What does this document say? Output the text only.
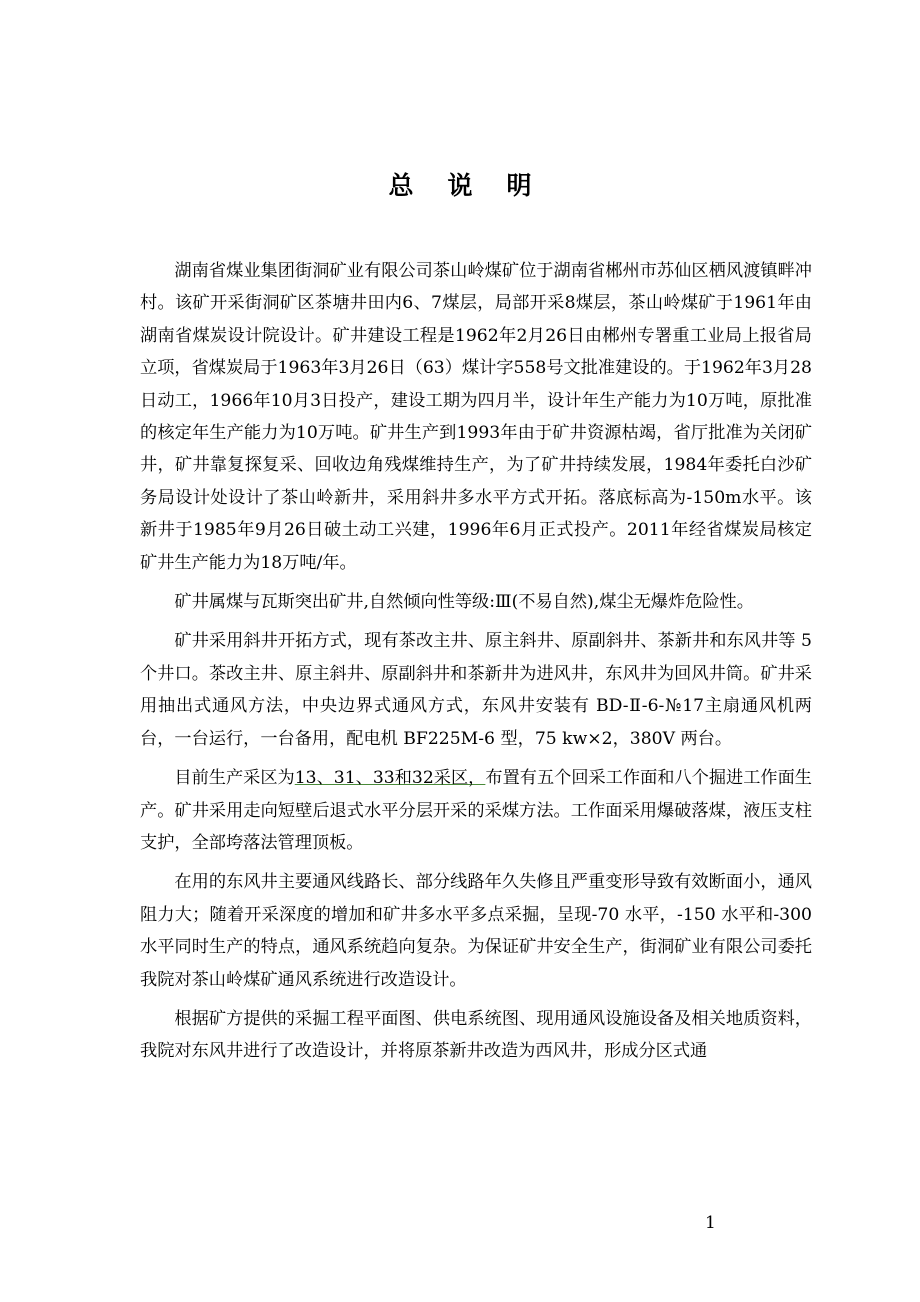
总 说 明

湖南省煤业集团街洞矿业有限公司茶山岭煤矿位于湖南省郴州市苏仙区栖风渡镇畔冲村。该矿开采街洞矿区茶塘井田内6、7煤层，局部开采8煤层，茶山岭煤矿于1961年由湖南省煤炭设计院设计。矿井建设工程是1962年2月26日由郴州专署重工业局上报省局立项，省煤炭局于1963年3月26日（63）煤计字558号文批准建设的。于1962年3月28日动工，1966年10月3日投产，建设工期为四月半，设计年生产能力为10万吨，原批准的核定年生产能力为10万吨。矿井生产到1993年由于矿井资源枯竭，省厅批准为关闭矿井，矿井靠复探复采、回收边角残煤维持生产，为了矿井持续发展，1984年委托白沙矿务局设计处设计了茶山岭新井，采用斜井多水平方式开拓。落底标高为-150m水平。该新井于1985年9月26日破土动工兴建，1996年6月正式投产。2011年经省煤炭局核定矿井生产能力为18万吨/年。

矿井属煤与瓦斯突出矿井,自然倾向性等级:Ⅲ(不易自然),煤尘无爆炸危险性。

矿井采用斜井开拓方式，现有茶改主井、原主斜井、原副斜井、茶新井和东风井等 5 个井口。茶改主井、原主斜井、原副斜井和茶新井为进风井，东风井为回风井筒。矿井采用抽出式通风方法，中央边界式通风方式，东风井安装有 BD-Ⅱ-6-№17主扇通风机两台，一台运行，一台备用，配电机 BF225M-6 型，75 kw×2，380V 两台。

目前生产采区为13、31、33和32采区，布置有五个回采工作面和八个掘进工作面生产。矿井采用走向短壁后退式水平分层开采的采煤方法。工作面采用爆破落煤，液压支柱支护，全部垮落法管理顶板。

在用的东风井主要通风线路长、部分线路年久失修且严重变形导致有效断面小，通风阻力大；随着开采深度的增加和矿井多水平多点采掘，呈现-70 水平，-150 水平和-300 水平同时生产的特点，通风系统趋向复杂。为保证矿井安全生产，街洞矿业有限公司委托我院对茶山岭煤矿通风系统进行改造设计。

根据矿方提供的采掘工程平面图、供电系统图、现用通风设施设备及相关地质资料，我院对东风井进行了改造设计，并将原茶新井改造为西风井，形成分区式通

1
